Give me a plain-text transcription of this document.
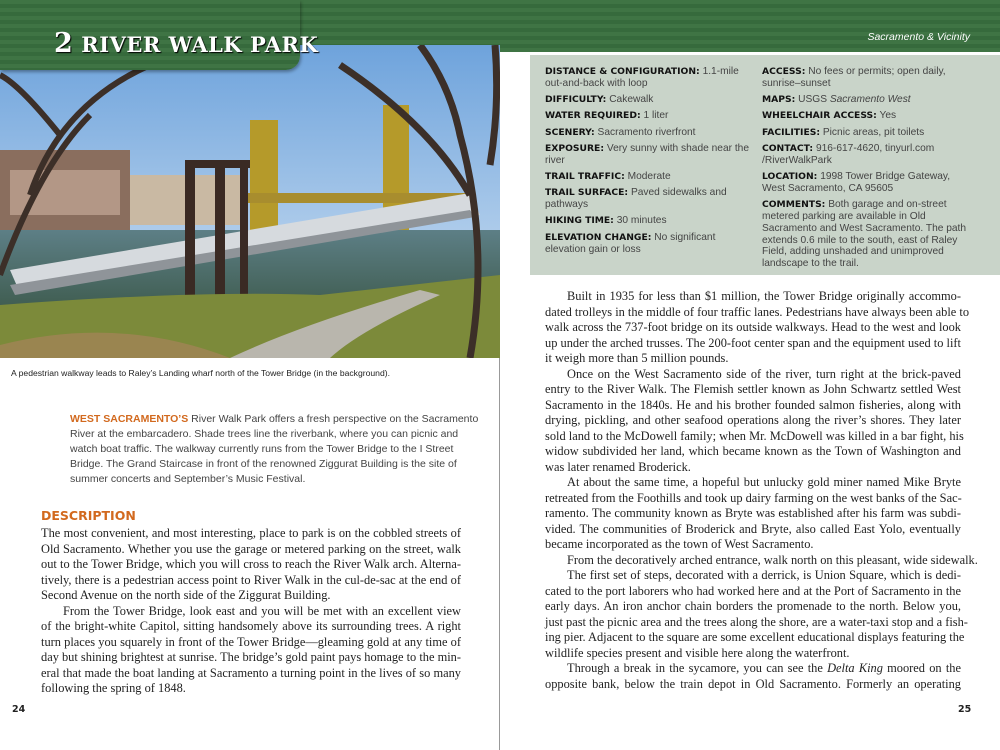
2 RIVER WALK PARK
A pedestrian walkway leads to Raley’s Landing wharf north of the Tower Bridge (in the background).
WEST SACRAMENTO’S River Walk Park offers a fresh perspective on the Sacramento River at the embarcadero. Shade trees line the riverbank, where you can picnic and watch boat traffic. The walkway currently runs from the Tower Bridge to the I Street Bridge. The Grand Staircase in front of the renowned Ziggurat Building is the site of summer concerts and September’s Music Festival.
DESCRIPTION
The most convenient, and most interesting, place to park is on the cobbled streets of
Old Sacramento. Whether you use the garage or metered parking on the street, walk
out to the Tower Bridge, which you will cross to reach the River Walk arch. Alterna-
tively, there is a pedestrian access point to River Walk in the cul-de-sac at the end of
Second Avenue on the north side of the Ziggurat Building.
From the Tower Bridge, look east and you will be met with an excellent view
of the bright-white Capitol, sitting handsomely above its surrounding trees. A right
turn places you squarely in front of the Tower Bridge—gleaming gold at any time of
day but shining brightest at sunrise. The bridge’s gold paint pays homage to the min-
eral that made the boat landing at Sacramento a turning point in the lives of so many
following the spring of 1848.
24
Sacramento & Vicinity
DISTANCE & CONFIGURATION: 1.1-mile out-and-back with loop
DIFFICULTY: Cakewalk
WATER REQUIRED: 1 liter
SCENERY: Sacramento riverfront
EXPOSURE: Very sunny with shade near the river
TRAIL TRAFFIC: Moderate
TRAIL SURFACE: Paved sidewalks and pathways
HIKING TIME: 30 minutes
ELEVATION CHANGE: No significant elevation gain or loss
ACCESS: No fees or permits; open daily, sunrise–sunset
MAPS: USGS Sacramento West
WHEELCHAIR ACCESS: Yes
FACILITIES: Picnic areas, pit toilets
CONTACT: 916-617-4620, tinyurl.com /RiverWalkPark
LOCATION: 1998 Tower Bridge Gateway, West Sacramento, CA 95605
COMMENTS: Both garage and on-street metered parking are available in Old Sacramento and West Sacramento. The path extends 0.6 mile to the south, east of Raley Field, adding unshaded and unimproved landscape to the trail.
Built in 1935 for less than $1 million, the Tower Bridge originally accommo-
dated trolleys in the middle of four traffic lanes. Pedestrians have always been able to
walk across the 737-foot bridge on its outside walkways. Head to the west and look
up under the arched trusses. The 200-foot center span and the equipment used to lift
it weigh more than 5 million pounds.
Once on the West Sacramento side of the river, turn right at the brick-paved
entry to the River Walk. The Flemish settler known as John Schwartz settled West
Sacramento in the 1840s. He and his brother founded salmon fisheries, along with
drying, pickling, and other seafood operations along the river’s shores. They later
sold land to the McDowell family; when Mr. McDowell was killed in a bar fight, his
widow subdivided her land, which became known as the Town of Washington and
was later renamed Broderick.
At about the same time, a hopeful but unlucky gold miner named Mike Bryte
retreated from the Foothills and took up dairy farming on the west banks of the Sac-
ramento. The community known as Bryte was established after his farm was subdi-
vided. The communities of Broderick and Bryte, also called East Yolo, eventually
became incorporated as the town of West Sacramento.
From the decoratively arched entrance, walk north on this pleasant, wide sidewalk.
The first set of steps, decorated with a derrick, is Union Square, which is dedi-
cated to the port laborers who had worked here and at the Port of Sacramento in the
early days. An iron anchor chain borders the promenade to the north. Below you,
just past the picnic area and the trees along the shore, are a water-taxi stop and a fish-
ing pier. Adjacent to the square are some excellent educational displays featuring the
wildlife species present and visible here along the waterfront.
Through a break in the sycamore, you can see the Delta King moored on the
opposite bank, below the train depot in Old Sacramento. Formerly an operating
25
